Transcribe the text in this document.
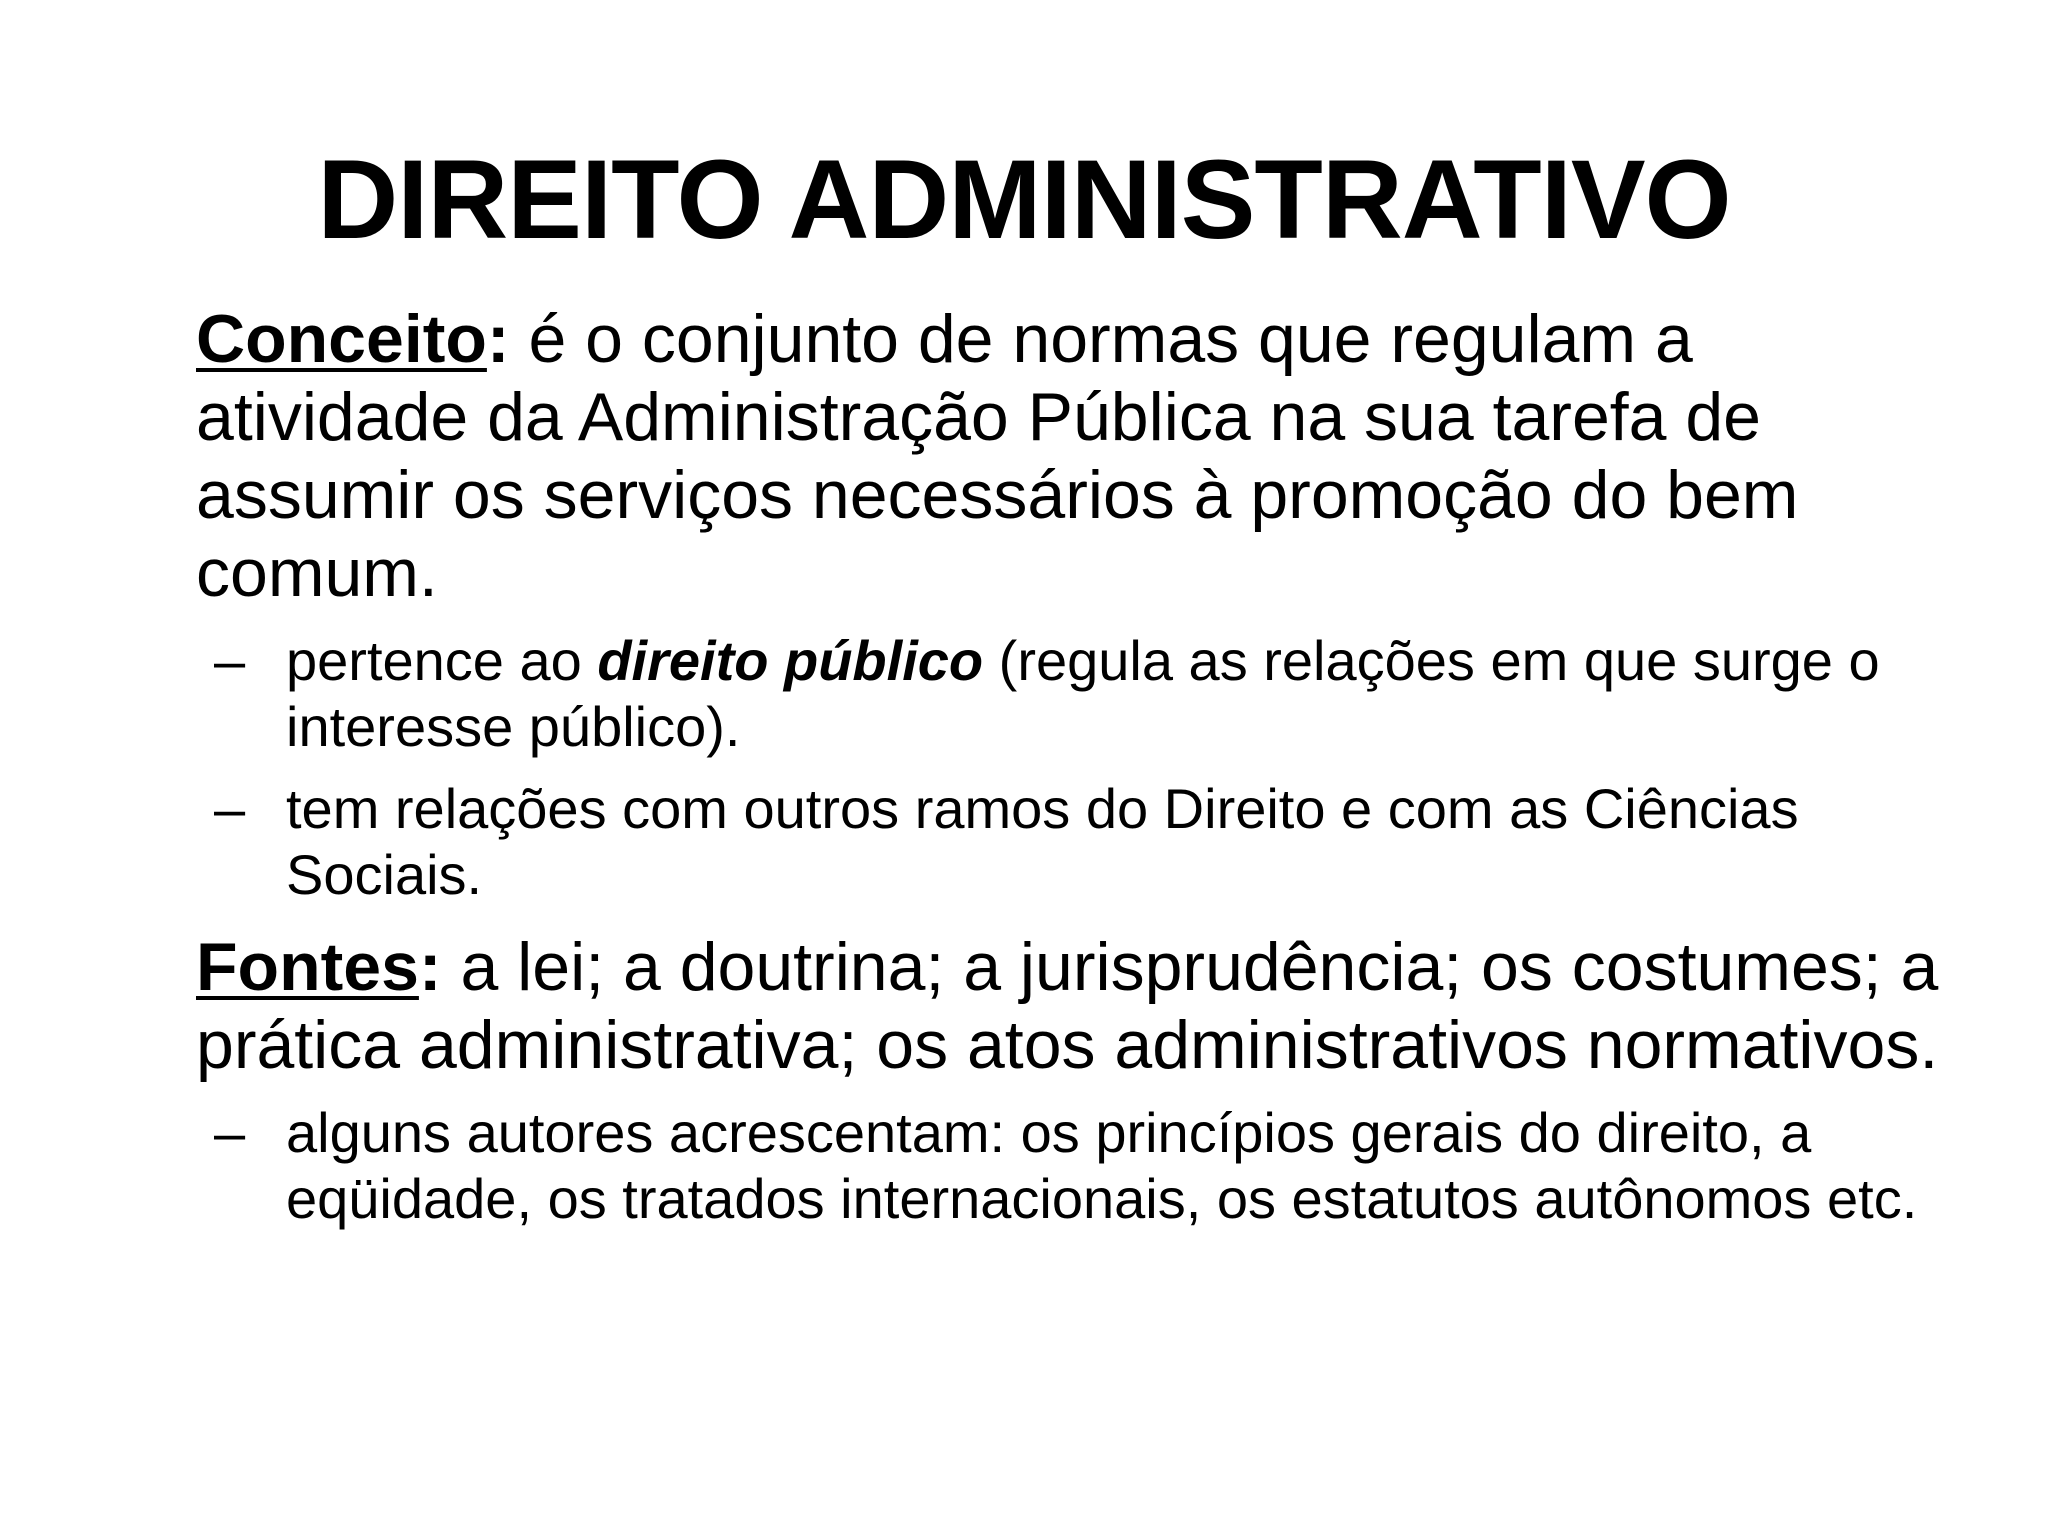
DIREITO ADMINISTRATIVO

Conceito: é o conjunto de normas que regulam a atividade da Administração Pública na sua tarefa de assumir os serviços necessários à promoção do bem comum.

– pertence ao direito público (regula as relações em que surge o interesse público).

– tem relações com outros ramos do Direito e com as Ciências Sociais.

Fontes: a lei; a doutrina; a jurisprudência; os costumes; a prática administrativa; os atos administrativos normativos.

– alguns autores acrescentam: os princípios gerais do direito, a eqüidade, os tratados internacionais, os estatutos autônomos etc.
